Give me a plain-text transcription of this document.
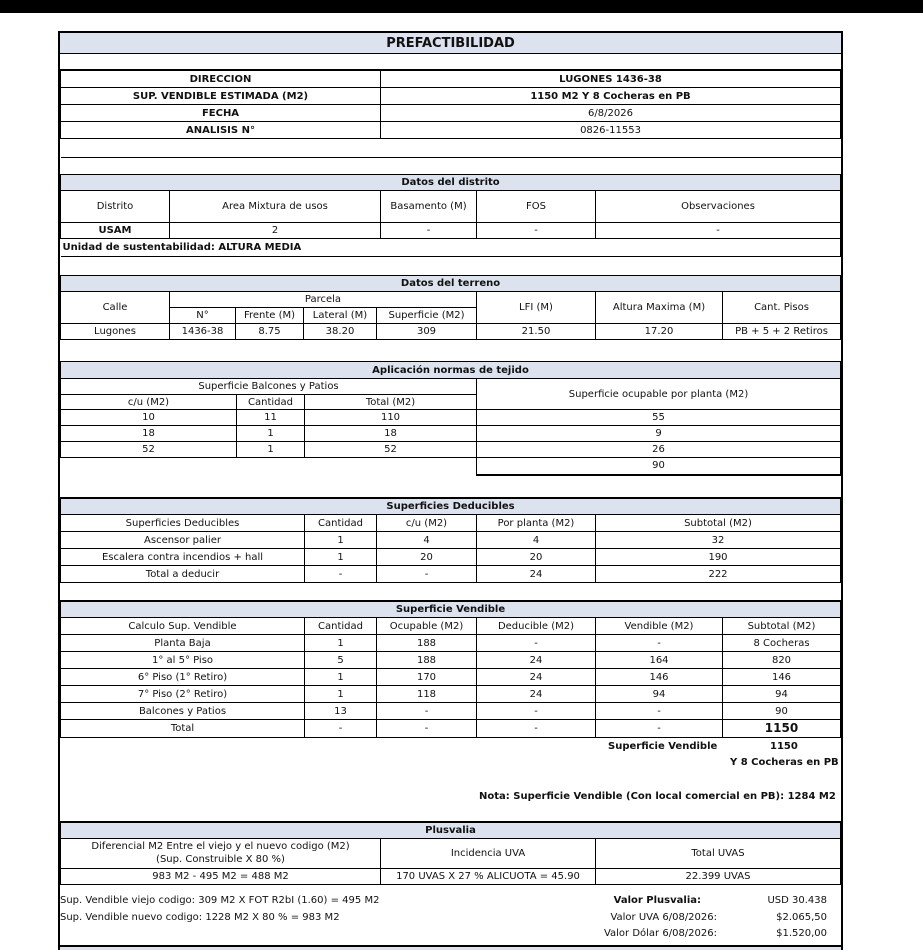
PREFACTIBILIDAD
DIRECCION	LUGONES 1436-38
SUP. VENDIBLE ESTIMADA (M2)	1150 M2 Y 8 Cocheras en PB
FECHA	6/8/2026
ANALISIS N°	0826-11553

Datos del distrito				
Distrito	Area Mixtura de usos	Basamento (M)	FOS	Observaciones
USAM	2	-	-	-
Unidad de sustentabilidad: ALTURA MEDIA				
Datos del terreno							
Calle	Parcela				LFI (M)	Altura Maxima (M)	Cant. Pisos
	N°	Frente (M)	Lateral (M)	Superficie (M2)			
Lugones	1436-38	8.75	38.20	309	21.50	17.20	PB + 5 + 2 Retiros
Aplicación normas de tejido			
Superficie Balcones y Patios			Superficie ocupable por planta (M2)
c/u (M2)	Cantidad	Total (M2)	
10	11	110	55
18	1	18	9
52	1	52	26
			90
Superficies Deducibles				
Superficies Deducibles	Cantidad	c/u (M2)	Por planta (M2)	Subtotal (M2)
Ascensor palier	1	4	4	32
Escalera contra incendios + hall	1	20	20	190
Total a deducir	-	-	24	222
Superficie Vendible					
Calculo Sup. Vendible	Cantidad	Ocupable (M2)	Deducible (M2)	Vendible (M2)	Subtotal (M2)
Planta Baja	1	188	-	-	8 Cocheras
1° al 5° Piso	5	188	24	164	820
6° Piso (1° Retiro)	1	170	24	146	146
7° Piso (2° Retiro)	1	118	24	94	94
Balcones y Patios	13	-	-	-	90
Total	-	-	-	-	1150
Superficie Vendible	1150
Y 8 Cocheras en PB
Nota: Superficie Vendible (Con local comercial en PB): 1284 M2
Plusvalia		

Diferencial M2 Entre el viejo y el nuevo codigo (M2)
(Sup. Construible X 80 %)	Incidencia UVA	Total UVAS
983 M2 - 495 M2 = 488 M2	170 UVAS X 27 % ALICUOTA = 45.90	22.399 UVAS
Sup. Vendible viejo codigo: 309 M2 X FOT R2bI (1.60) = 495 M2
Sup. Vendible nuevo codigo: 1228 M2 X 80 % = 983 M2
Valor Plusvalia:	USD 30.438
Valor UVA 6/08/2026:	$2.065,50
Valor Dólar 6/08/2026:	$1.520,00
